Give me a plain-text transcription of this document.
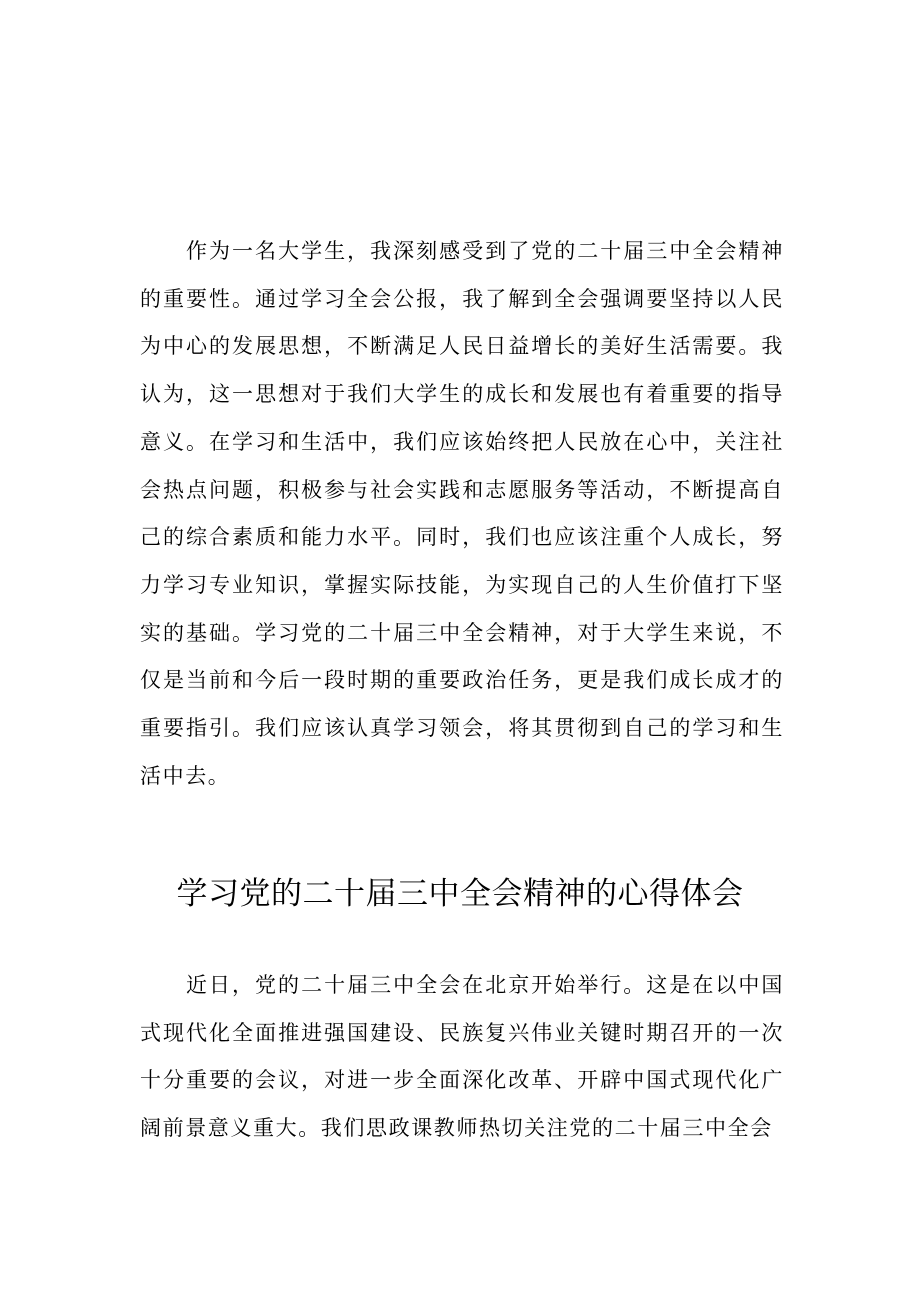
作为一名大学生，我深刻感受到了党的二十届三中全会精神的重要性。通过学习全会公报，我了解到全会强调要坚持以人民为中心的发展思想，不断满足人民日益增长的美好生活需要。我认为，这一思想对于我们大学生的成长和发展也有着重要的指导意义。在学习和生活中，我们应该始终把人民放在心中，关注社会热点问题，积极参与社会实践和志愿服务等活动，不断提高自己的综合素质和能力水平。同时，我们也应该注重个人成长，努力学习专业知识，掌握实际技能，为实现自己的人生价值打下坚实的基础。学习党的二十届三中全会精神，对于大学生来说，不仅是当前和今后一段时期的重要政治任务，更是我们成长成才的重要指引。我们应该认真学习领会，将其贯彻到自己的学习和生活中去。

学习党的二十届三中全会精神的心得体会

近日，党的二十届三中全会在北京开始举行。这是在以中国式现代化全面推进强国建设、民族复兴伟业关键时期召开的一次十分重要的会议，对进一步全面深化改革、开辟中国式现代化广阔前景意义重大。我们思政课教师热切关注党的二十届三中全会
